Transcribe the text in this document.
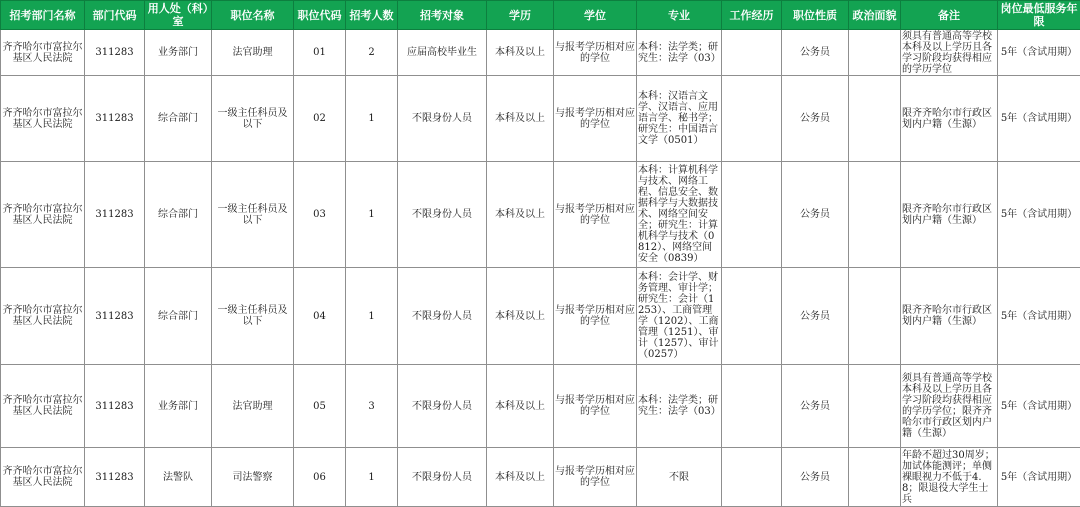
招考部门名称	部门代码	用人处（科）室	职位名称	职位代码	招考人数	招考对象	学历	学位	专业	工作经历	职位性质	政治面貌	备注	岗位最低服务年限
齐齐哈尔市富拉尔基区人民法院	311283	业务部门	法官助理	01	2	应届高校毕业生	本科及以上	与报考学历相对应的学位	本科：法学类；研究生：法学（03）		公务员		须具有普通高等学校本科及以上学历且各学习阶段均获得相应的学历学位	5年（含试用期）
齐齐哈尔市富拉尔基区人民法院	311283	综合部门	一级主任科员及以下	02	1	不限身份人员	本科及以上	与报考学历相对应的学位	本科：汉语言文学、汉语言、应用语言学、秘书学；研究生：中国语言文学（0501）		公务员		限齐齐哈尔市行政区划内户籍（生源）	5年（含试用期）
齐齐哈尔市富拉尔基区人民法院	311283	综合部门	一级主任科员及以下	03	1	不限身份人员	本科及以上	与报考学历相对应的学位	本科：计算机科学与技术、网络工程、信息安全、数据科学与大数据技术、网络空间安全；研究生：计算机科学与技术（0812）、网络空间安全（0839）		公务员		限齐齐哈尔市行政区划内户籍（生源）	5年（含试用期）
齐齐哈尔市富拉尔基区人民法院	311283	综合部门	一级主任科员及以下	04	1	不限身份人员	本科及以上	与报考学历相对应的学位	本科：会计学、财务管理、审计学；研究生：会计（1253）、工商管理学（1202）、工商管理（1251）、审计（1257）、审计（0257）		公务员		限齐齐哈尔市行政区划内户籍（生源）	5年（含试用期）
齐齐哈尔市富拉尔基区人民法院	311283	业务部门	法官助理	05	3	不限身份人员	本科及以上	与报考学历相对应的学位	本科：法学类；研究生：法学（03）		公务员		须具有普通高等学校本科及以上学历且各学习阶段均获得相应的学历学位；限齐齐哈尔市行政区划内户籍（生源）	5年（含试用期）
齐齐哈尔市富拉尔基区人民法院	311283	法警队	司法警察	06	1	不限身份人员	本科及以上	与报考学历相对应的学位	不限		公务员		年龄不超过30周岁；加试体能测评；单侧裸眼视力不低于4.8；限退役大学生士兵	5年（含试用期）
